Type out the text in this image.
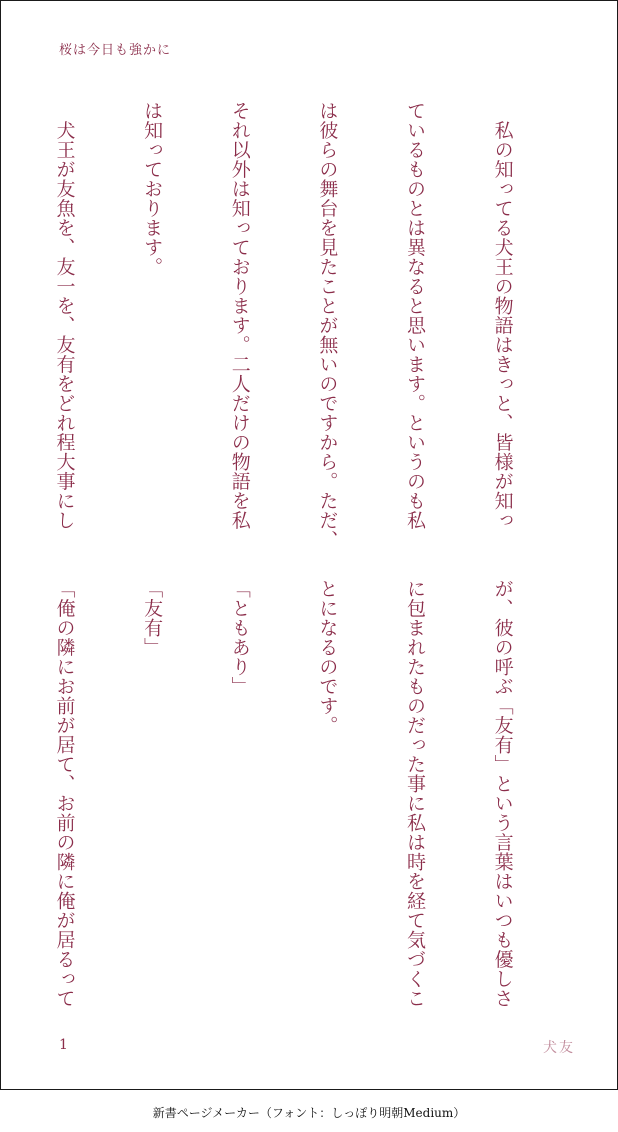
桜は今日も強かに

　私の知ってる犬王の物語はきっと、皆様が知っ

ているものとは異なると思います。というのも私

は彼らの舞台を見たことが無いのですから。ただ、

それ以外は知っております。二人だけの物語を私

は知っております。

　犬王が友魚を、友一を、友有をどれ程大事にし

が、彼の呼ぶ「友有」という言葉はいつも優しさ

に包まれたものだった事に私は時を経て気づくこ

とになるのです。

「ともあり」

「友有」

「俺の隣にお前が居て、お前の隣に俺が居るって

1	犬友
新書ページメーカー（フォント：しっぽり明朝Medium）
